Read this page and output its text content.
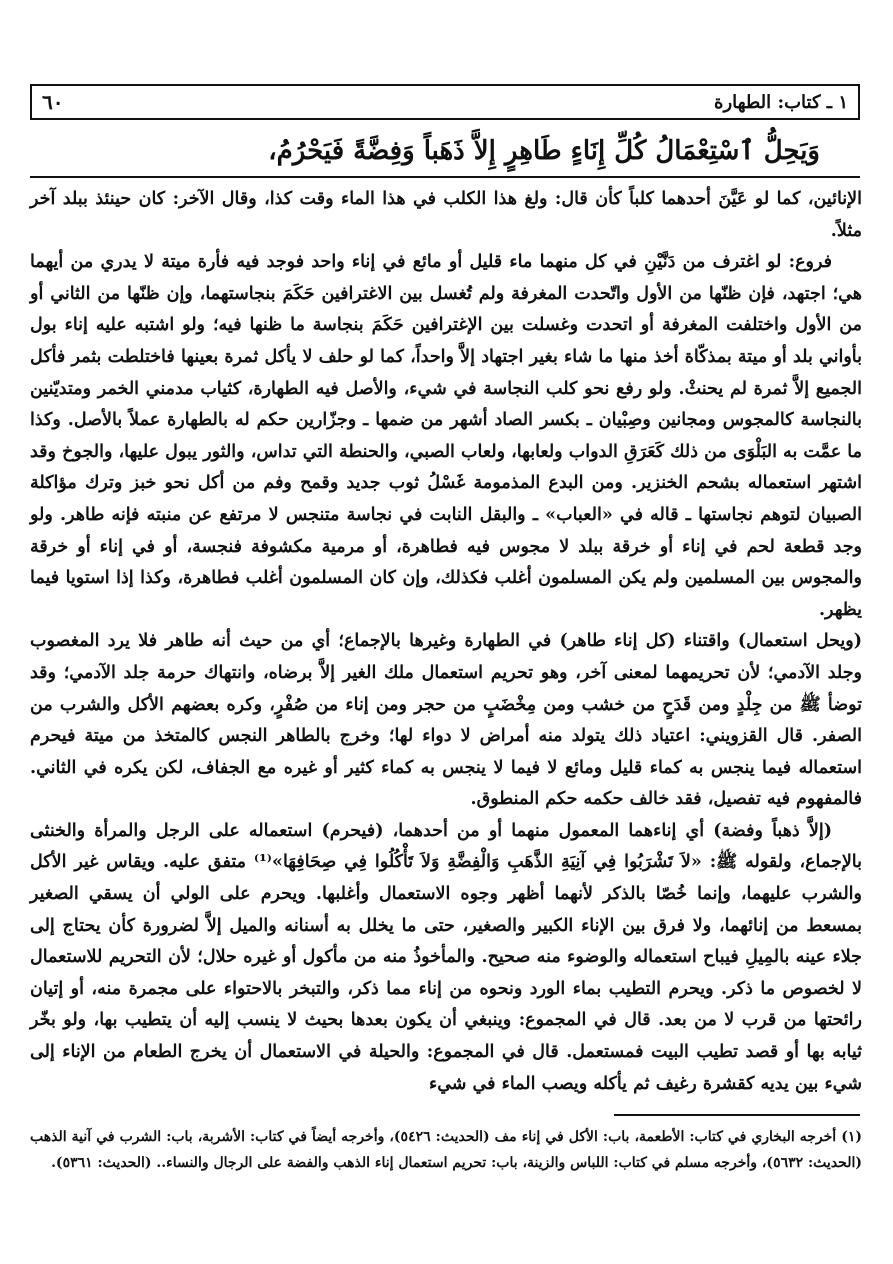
٦٠	١ ـ كتاب: الطهارة
وَيَحِلُّ ٱسْتِعْمَالُ كُلِّ إِنَاءٍ طَاهِرٍ إِلاَّ ذَهَباً وَفِضَّةً فَيَحْرُمُ،

الإنائين، كما لو عَيَّنَ أحدهما كلباً كأن قال: ولغ هذا الكلب في هذا الماء وقت كذا، وقال الآخر: كان حينئذ ببلد آخر مثلاً.

فروع: لو اغترف من دَنَّيْنِ في كل منهما ماء قليل أو مائع في إناء واحد فوجد فيه فأرة ميتة لا يدري من أيهما هي؛ اجتهد، فإن ظنّها من الأول واتّحدت المغرفة ولم تُغسل بين الاغترافين حَكَمَ بنجاستهما، وإن ظنّها من الثاني أو من الأول واختلفت المغرفة أو اتحدت وغسلت بين الإغترافين حَكَمَ بنجاسة ما ظنها فيه؛ ولو اشتبه عليه إناء بول بأواني بلد أو ميتة بمذكّاة أخذ منها ما شاء بغير اجتهاد إلاَّ واحداً، كما لو حلف لا يأكل ثمرة بعينها فاختلطت بثمر فأكل الجميع إلاَّ ثمرة لم يحنثْ. ولو رفع نحو كلب النجاسة في شيء، والأصل فيه الطهارة، كثياب مدمني الخمر ومتديّنين بالنجاسة كالمجوس ومجانين وصِبْيان ـ بكسر الصاد أشهر من ضمها ـ وجزّارين حكم له بالطهارة عملاً بالأصل. وكذا ما عمَّت به البَلْوَى من ذلك كَعَرَقِ الدواب ولعابها، ولعاب الصبي، والحنطة التي تداس، والثور يبول عليها، والجوخ وقد اشتهر استعماله بشحم الخنزير. ومن البدع المذمومة غَسْلُ ثوب جديد وقمح وفم من أكل نحو خبز وترك مؤاكلة الصبيان لتوهم نجاستها ـ قاله في «العباب» ـ والبقل النابت في نجاسة متنجس لا مرتفع عن منبته فإنه طاهر. ولو وجد قطعة لحم في إناء أو خرقة ببلد لا مجوس فيه فطاهرة، أو مرمية مكشوفة فنجسة، أو في إناء أو خرقة والمجوس بين المسلمين ولم يكن المسلمون أغلب فكذلك، وإن كان المسلمون أغلب فطاهرة، وكذا إذا استويا فيما يظهر.

(ويحل استعمال) واقتناء (كل إناء طاهر) في الطهارة وغيرها بالإجماع؛ أي من حيث أنه طاهر فلا يرد المغصوب وجلد الآدمي؛ لأن تحريمهما لمعنى آخر، وهو تحريم استعمال ملك الغير إلاَّ برضاه، وانتهاك حرمة جلد الآدمي؛ وقد توضأ ﷺ من جِلْدٍ ومن قَدَحٍ من خشب ومن مِخْضَبٍ من حجر ومن إناء من صُفْرٍ، وكره بعضهم الأكل والشرب من الصفر. قال القزويني: اعتياد ذلك يتولد منه أمراض لا دواء لها؛ وخرج بالطاهر النجس كالمتخذ من ميتة فيحرم استعماله فيما ينجس به كماء قليل ومائع لا فيما لا ينجس به كماء كثير أو غيره مع الجفاف، لكن يكره في الثاني. فالمفهوم فيه تفصيل، فقد خالف حكمه حكم المنطوق.

(إلاَّ ذهباً وفضة) أي إناءهما المعمول منهما أو من أحدهما، (فيحرم) استعماله على الرجل والمرأة والخنثى بالإجماع، ولقوله ﷺ: «لاَ تَشْرَبُوا فِي آنِيَةِ الذَّهَبِ وَالْفِضَّةِ وَلاَ تَأْكُلُوا فِي صِحَافِهَا»⁽¹⁾ متفق عليه. ويقاس غير الأكل والشرب عليهما، وإنما خُصّا بالذكر لأنهما أظهر وجوه الاستعمال وأغلبها. ويحرم على الولي أن يسقي الصغير بمسعط من إنائهما، ولا فرق بين الإناء الكبير والصغير، حتى ما يخلل به أسنانه والميل إلاَّ لضرورة كأن يحتاج إلى جلاء عينه بالمِيلِ فيباح استعماله والوضوء منه صحيح. والمأخوذُ منه من مأكول أو غيره حلال؛ لأن التحريم للاستعمال لا لخصوص ما ذكر. ويحرم التطيب بماء الورد ونحوه من إناء مما ذكر، والتبخر بالاحتواء على مجمرة منه، أو إتيان رائحتها من قرب لا من بعد. قال في المجموع: وينبغي أن يكون بعدها بحيث لا ينسب إليه أن يتطيب بها، ولو بخّر ثيابه بها أو قصد تطيب البيت فمستعمل. قال في المجموع: والحيلة في الاستعمال أن يخرج الطعام من الإناء إلى شيء بين يديه كقشرة رغيف ثم يأكله ويصب الماء في شيء

(١) أخرجه البخاري في كتاب: الأطعمة، باب: الأكل في إناء مف (الحديث: ٥٤٢٦)، وأخرجه أيضاً في كتاب: الأشربة، باب: الشرب في آنية الذهب (الحديث: ٥٦٣٢)، وأخرجه مسلم في كتاب: اللباس والزينة، باب: تحريم استعمال إناء الذهب والفضة على الرجال والنساء.. (الحديث: ٥٣٦١).
